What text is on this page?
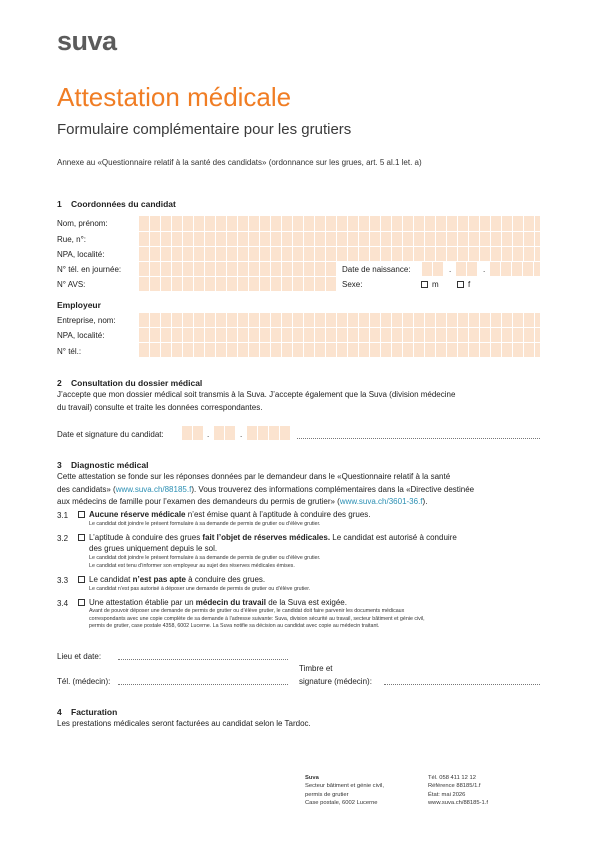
suva
Attestation médicale
Formulaire complémentaire pour les grutiers
Annexe au «Questionnaire relatif à la santé des candidats» (ordonnance sur les grues, art. 5 al.1 let. a)
1 Coordonnées du candidat
Nom, prénom:
Rue, n°:
NPA, localité:
N° tél. en journée:
N° AVS:
Date de naissance:	.	.
Sexe:	m	f
Employeur
Entreprise, nom:
NPA, localité:
N° tél.:
2 Consultation du dossier médical
J’accepte que mon dossier médical soit transmis à la Suva. J’accepte également que la Suva (division médecine
du travail) consulte et traite les données correspondantes.
Date et signature du candidat:	.	.
3 Diagnostic médical
Cette attestation se fonde sur les réponses données par le demandeur dans le «Questionnaire relatif à la santé
des candidats» (www.suva.ch/88185.f). Vous trouverez des informations complémentaires dans la «Directive destinée
aux médecins de famille pour l’examen des demandeurs du permis de grutier» (www.suva.ch/3601-36.f).
3.1	Aucune réserve médicale n’est émise quant à l’aptitude à conduire des grues.
Le candidat doit joindre le présent formulaire à sa demande de permis de grutier ou d’élève grutier.
3.2	L’aptitude à conduire des grues fait l’objet de réserves médicales. Le candidat est autorisé à conduire
des grues uniquement depuis le sol.
Le candidat doit joindre le présent formulaire à sa demande de permis de grutier ou d’élève grutier.
Le candidat est tenu d’informer son employeur au sujet des réserves médicales émises.
3.3	Le candidat n’est pas apte à conduire des grues.
Le candidat n’est pas autorisé à déposer une demande de permis de grutier ou d’élève grutier.
3.4	Une attestation établie par un médecin du travail de la Suva est exigée.
Avant de pouvoir déposer une demande de permis de grutier ou d’élève grutier, le candidat doit faire parvenir les documents médicaux
correspondants avec une copie complète de sa demande à l’adresse suivante: Suva, division sécurité au travail, secteur bâtiment et génie civil,
permis de grutier, case postale 4358, 6002 Lucerne. La Suva notifie sa décision au candidat avec copie au médecin traitant.
Lieu et date:
Timbre et
signature (médecin):
Tél. (médecin):
4 Facturation
Les prestations médicales seront facturées au candidat selon le Tardoc.
Suva
Secteur bâtiment et génie civil,
permis de grutier
Case postale, 6002 Lucerne
Tél. 058 411 12 12
Référence 88185/1.f
État: mai 2026
www.suva.ch/88185-1.f
